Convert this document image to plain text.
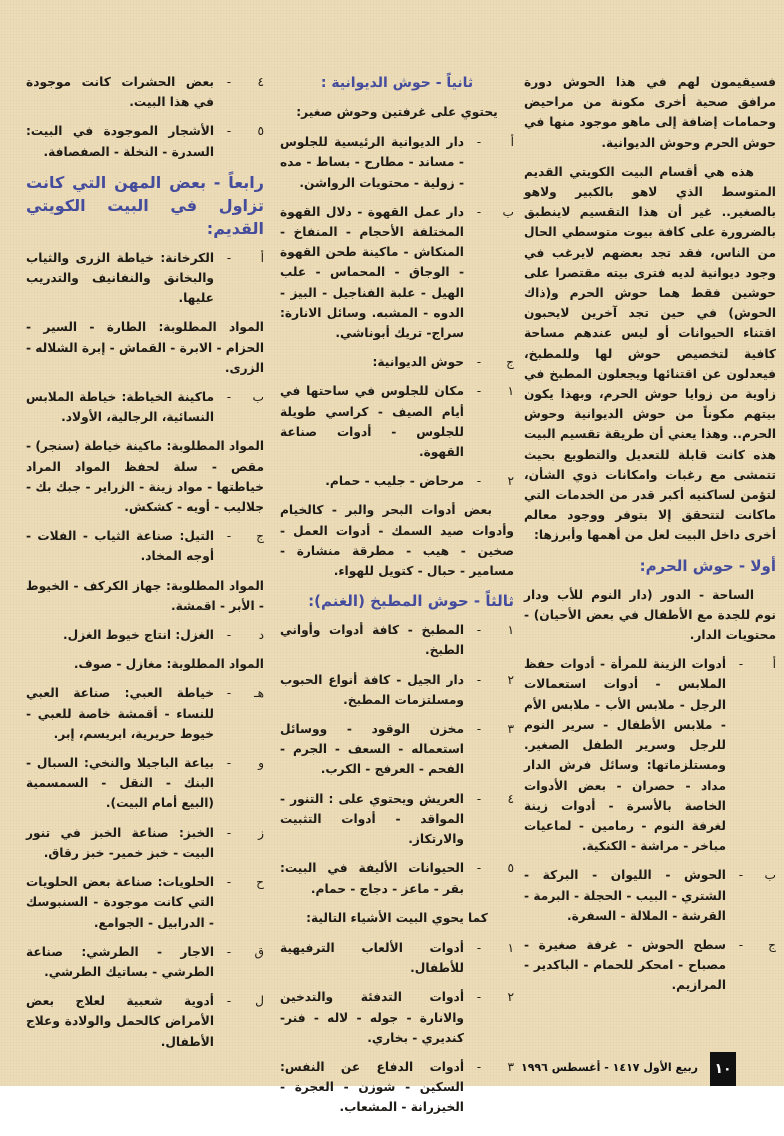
فسيقيمون لهم في هذا الحوش دورة مرافق صحية أخرى مكونة من مراحيض وحمامات إضافة إلى ماهو موجود منها في حوش الحرم وحوش الديوانية.

هذه هي أقسام البيت الكويتي القديم المتوسط الذي لاهو بالكبير ولاهو بالصغير.. غير أن هذا التقسيم لاينطبق بالضرورة على كافة بيوت متوسطي الحال من الناس، فقد تجد بعضهم لايرغب في وجود ديوانية لديه فترى بيته مقتصرا على حوشين فقط هما حوش الحرم و(ذاك الحوش) في حين تجد آخرين لايحبون اقتناء الحيوانات أو ليس عندهم مساحة كافية لتخصيص حوش لها وللمطبخ، فيعدلون عن اقتنائها ويجعلون المطبخ في زاوية من زوايا حوش الحرم، وبهذا يكون بيتهم مكوناً من حوش الديوانية وحوش الحرم.. وهذا يعني أن طريقة تقسيم البيت هذه كانت قابلة للتعديل والتطويع بحيث تتمشى مع رغبات وامكانات ذوي الشأن، لتؤمن لساكنيه أكبر قدر من الخدمات التي ماكانت لتتحقق إلا بتوفر ووجود معالم أخرى داخل البيت لعل من أهمها وأبرزها:

أولا - حوش الحرم:

الساحة - الدور (دار النوم للأب ودار نوم للجدة مع الأطفال في بعض الأحيان) - محتويات الدار.

أ
-
أدوات الزينة للمرأة - أدوات حفظ الملابس - أدوات استعمالات الرجل - ملابس الأب - ملابس الأم - ملابس الأطفال - سرير النوم للرجل وسرير الطفل الصغير. ومستلزماتها: وسائل فرش الدار مداد - حصران - بعض الأدوات الخاصة بالأسرة - أدوات زينة لغرفة النوم - رمامين - لماعيات مباخر - مراشة - الكنكية.
ب
-
الحوش - الليوان - البركة - الشتري - البيب - الحجلة - البرمة - القرشة - الملالة - السفرة.
ج
-
سطح الحوش - غرفة صغيرة - مصباح - امحكر للحمام - الباكدير - المرازيم.
ثانياً - حوش الديوانية :
يحتوي على غرفتين وحوش صغير:
أ
-
دار الديوانية الرئيسية للجلوس - مساند - مطارح - بساط - مده - زولية - محتويات الرواشن.
ب
-
دار عمل القهوة - دلال القهوة المختلفة الأحجام - المنفاخ - المنكاش - ماكينة طحن القهوة - الوجاق - المحماس - علب الهيل - علبة الفناجيل - البيز - الدوه - المشبه. وسائل الانارة: سراج- تريك أبوناشي.
ج
-
حوش الديوانية:
١
-
مكان للجلوس في ساحتها في أيام الصيف - كراسي طويلة للجلوس - أدوات صناعة القهوة.
٢
-
مرحاض - جليب - حمام.

بعض أدوات البحر والبر - كالخيام وأدوات صيد السمك - أدوات العمل - صخين - هيب - مطرقة منشارة - مسامير - حبال - كتويل للهواء.

ثالثاً - حوش المطبخ (الغنم):
١
-
المطبخ - كافة أدوات وأواني الطبخ.
٢
-
دار الجيل - كافة أنواع الحبوب ومسلتزمات المطبخ.
٣
-
مخزن الوقود - ووسائل استعماله - السعف - الجرم - الفحم - العرفج - الكرب.
٤
-
العريش ويحتوي على : التنور - المواقد - أدوات التثبيت والارتكاز.
٥
-
الحيوانات الأليفة في البيت: بقر - ماعز - دجاج - حمام.
كما يحوي البيت الأشياء التالية:
١
-
أدوات الألعاب الترفيهية للأطفال.
٢
-
أدوات التدفئة والتدخين والانارة - جوله - لاله - فنر- كنديري - بخاري.
٣
-
أدوات الدفاع عن النفس: السكين - شوزن - العجرة - الخيزرانة - المشعاب.
٤
-
بعض الحشرات كانت موجودة في هذا البيت.
٥
-
الأشجار الموجودة في البيت: السدرة - النخلة - الصفصافة.
رابعاً - بعض المهن التي كانت تزاول في البيت الكويتي القديم:
أ
-
الكرخانة: خياطة الزرى والثياب والبخانق والنفانيف والتدريب عليها.

المواد المطلوبة: الطارة - السير - الحزام - الابرة - القماش - إبرة الشلاله - الزرى.

ب
-
ماكينة الخياطة: خياطة الملابس النسائية، الرجالية، الأولاد.

المواد المطلوبة: ماكينة خياطة (سنجر) - مقص - سلة لحفظ المواد المراد خياطتها - مواد زينة - الزراير - جبك بك - جلاليب - أويه - كشكش.

ج
-
التيل: صناعة الثياب - الفلات - أوجه المخاد.

المواد المطلوبة: جهاز الكركف - الخيوط - الأبر - اقمشة.

د
-
الغزل: انتاج خيوط الغزل.

المواد المطلوبة: مغازل - صوف.

هـ
-
خياطة العبي: صناعة العبي للنساء - أقمشة خاصة للعبي - خيوط حريرية، ابريسم، إبر.
و
-
بياعة الباجيلا والنخي: السبال - البنك - النقل - السمسمية (البيع أمام البيت).
ز
-
الخبز: صناعة الخبز في تنور البيت - خبز خمير- خبز رقاق.
ح
-
الحلويات: صناعة بعض الحلويات التي كانت موجودة - السنبوسك - الدرابيل - الجوامع.
ق
-
الاجار - الطرشي: صناعة الطرشي - بساتيك الطرشي.
ل
-
أدوية شعبية لعلاج بعض الأمراض كالحمل والولادة وعلاج الأطفال.
١٠
ربيع الأول ١٤١٧ - أغسطس ١٩٩٦
